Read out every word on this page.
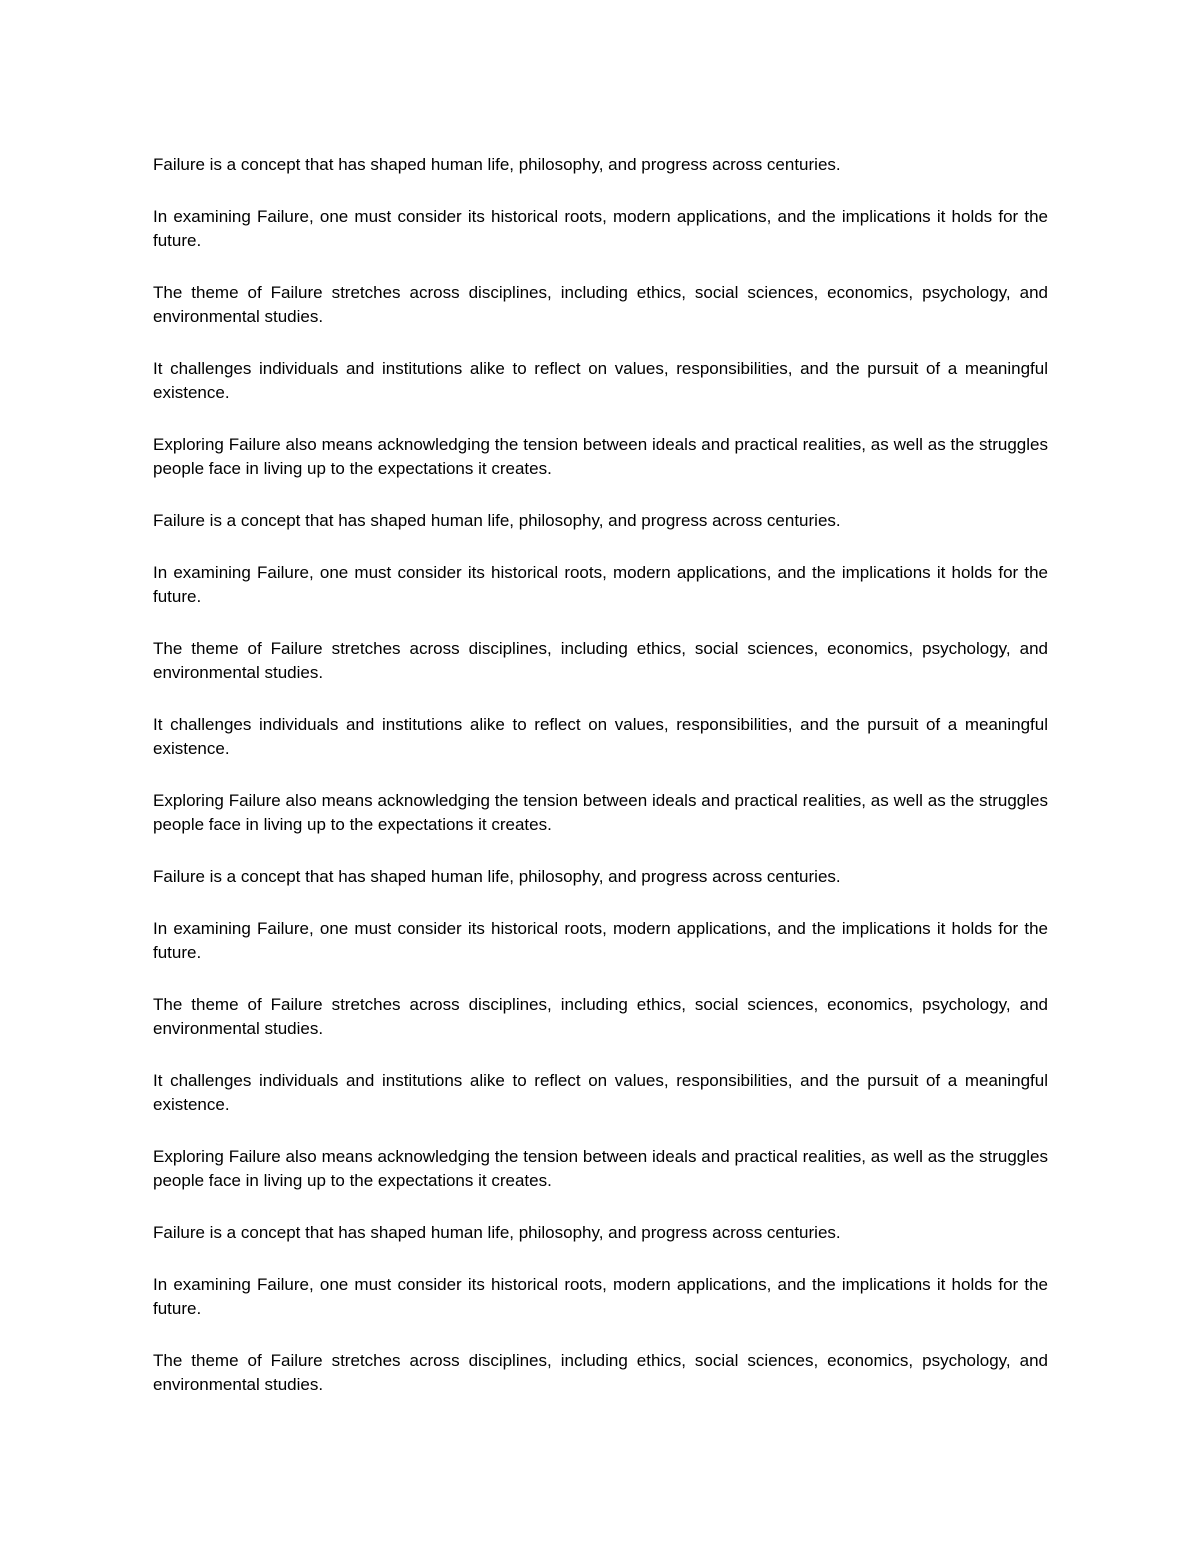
Failure is a concept that has shaped human life, philosophy, and progress across centuries.

In examining Failure, one must consider its historical roots, modern applications, and the implications it holds for the future.

The theme of Failure stretches across disciplines, including ethics, social sciences, economics, psychology, and environmental studies.

It challenges individuals and institutions alike to reflect on values, responsibilities, and the pursuit of a meaningful existence.

Exploring Failure also means acknowledging the tension between ideals and practical realities, as well as the struggles people face in living up to the expectations it creates.

Failure is a concept that has shaped human life, philosophy, and progress across centuries.

In examining Failure, one must consider its historical roots, modern applications, and the implications it holds for the future.

The theme of Failure stretches across disciplines, including ethics, social sciences, economics, psychology, and environmental studies.

It challenges individuals and institutions alike to reflect on values, responsibilities, and the pursuit of a meaningful existence.

Exploring Failure also means acknowledging the tension between ideals and practical realities, as well as the struggles people face in living up to the expectations it creates.

Failure is a concept that has shaped human life, philosophy, and progress across centuries.

In examining Failure, one must consider its historical roots, modern applications, and the implications it holds for the future.

The theme of Failure stretches across disciplines, including ethics, social sciences, economics, psychology, and environmental studies.

It challenges individuals and institutions alike to reflect on values, responsibilities, and the pursuit of a meaningful existence.

Exploring Failure also means acknowledging the tension between ideals and practical realities, as well as the struggles people face in living up to the expectations it creates.

Failure is a concept that has shaped human life, philosophy, and progress across centuries.

In examining Failure, one must consider its historical roots, modern applications, and the implications it holds for the future.

The theme of Failure stretches across disciplines, including ethics, social sciences, economics, psychology, and environmental studies.
